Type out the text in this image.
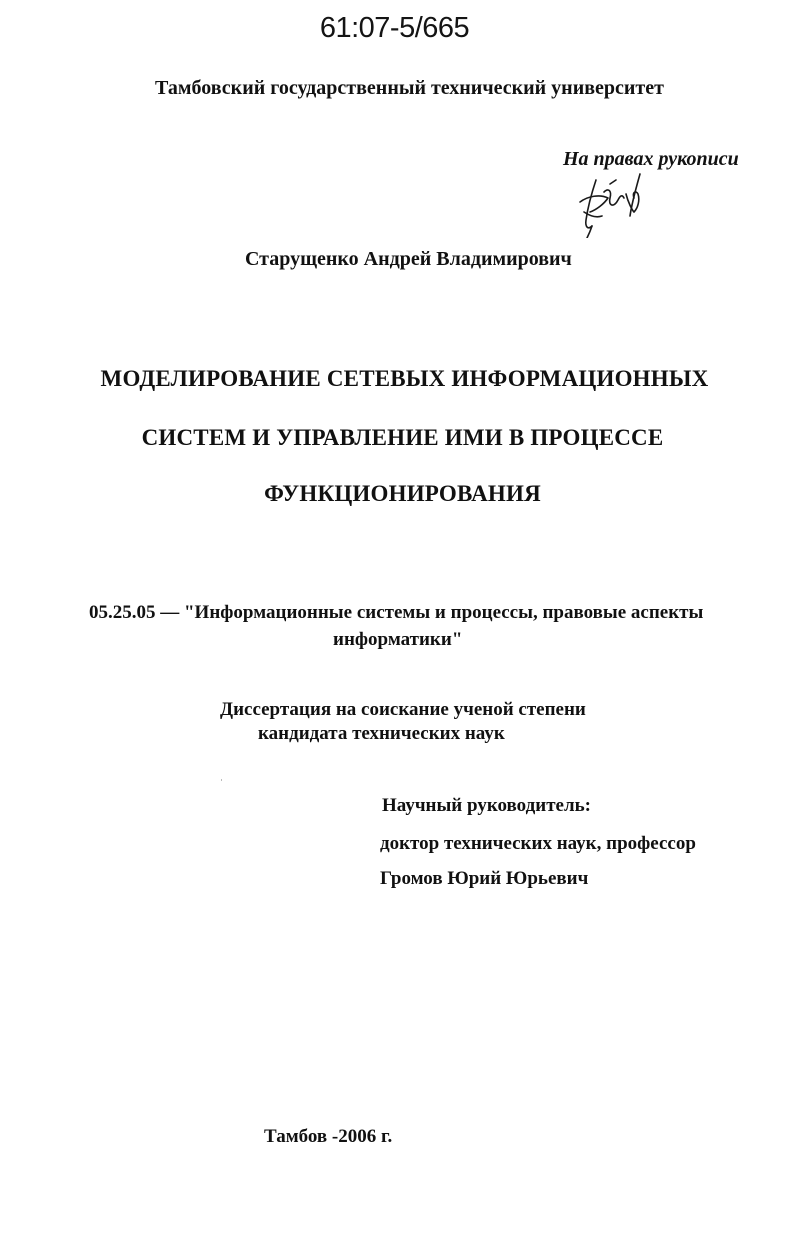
61:07-5/665

Тамбовский государственный технический университет

На правах рукописи

Старущенко Андрей Владимирович

МОДЕЛИРОВАНИЕ СЕТЕВЫХ ИНФОРМАЦИОННЫХ

СИСТЕМ И УПРАВЛЕНИЕ ИМИ В ПРОЦЕССЕ

ФУНКЦИОНИРОВАНИЯ

05.25.05 — "Информационные системы и процессы, правовые аспекты

информатики"

Диссертация на соискание ученой степени

кандидата технических наук

Научный руководитель:

доктор технических наук, профессор

Громов Юрий Юрьевич

Тамбов -2006 г.
